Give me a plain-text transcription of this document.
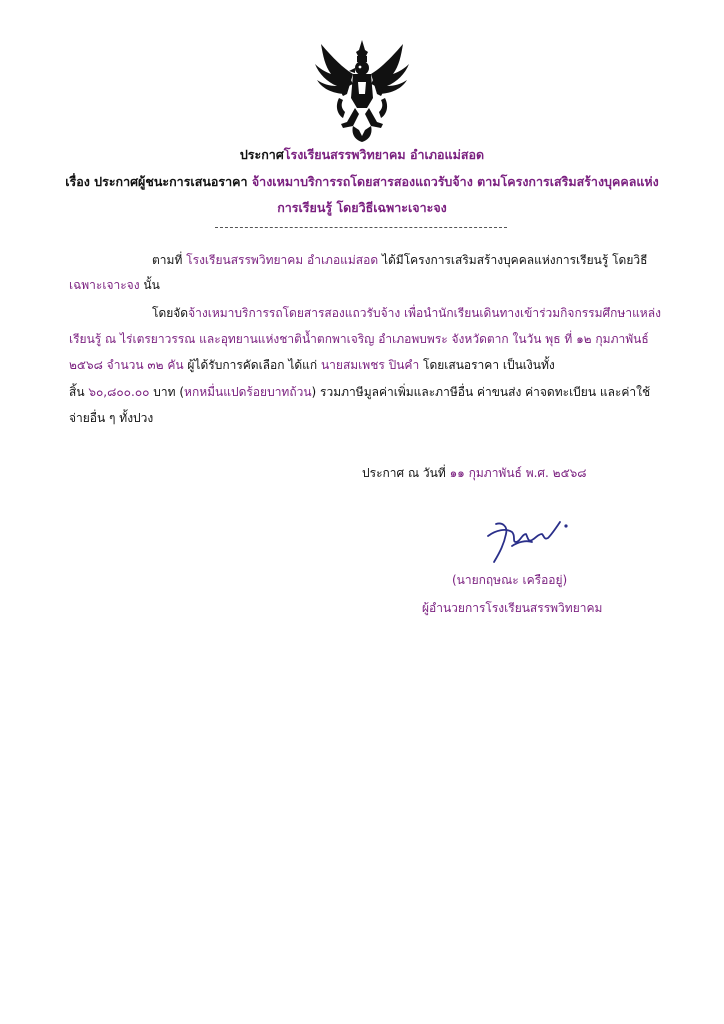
ประกาศโรงเรียนสรรพวิทยาคม อำเภอแม่สอด
เรื่อง ประกาศผู้ชนะการเสนอราคา จ้างเหมาบริการรถโดยสารสองแถวรับจ้าง ตามโครงการเสริมสร้างบุคคลแห่ง
การเรียนรู้ โดยวิธีเฉพาะเจาะจง
ตามที่ โรงเรียนสรรพวิทยาคม อำเภอแม่สอด ได้มีโครงการเสริมสร้างบุคคลแห่งการเรียนรู้ โดยวิธี
เฉพาะเจาะจง นั้น
โดยจัดจ้างเหมาบริการรถโดยสารสองแถวรับจ้าง เพื่อนำนักเรียนเดินทางเข้าร่วมกิจกรรมศึกษาแหล่ง
เรียนรู้ ณ ไร่เตรยาวรรณ และอุทยานแห่งชาติน้ำตกพาเจริญ อำเภอพบพระ จังหวัดตาก ในวัน พุธ ที่ ๑๒ กุมภาพันธ์
๒๕๖๘ จำนวน ๓๒ คัน ผู้ได้รับการคัดเลือก ได้แก่ นายสมเพชร ปินคำ โดยเสนอราคา เป็นเงินทั้ง
สิ้น ๖๐,๘๐๐.๐๐ บาท (หกหมื่นแปดร้อยบาทถ้วน) รวมภาษีมูลค่าเพิ่มและภาษีอื่น ค่าขนส่ง ค่าจดทะเบียน และค่าใช้
จ่ายอื่น ๆ ทั้งปวง
ประกาศ ณ วันที่ ๑๑ กุมภาพันธ์ พ.ศ. ๒๕๖๘
(นายกฤษณะ เครืออยู่)
ผู้อำนวยการโรงเรียนสรรพวิทยาคม
